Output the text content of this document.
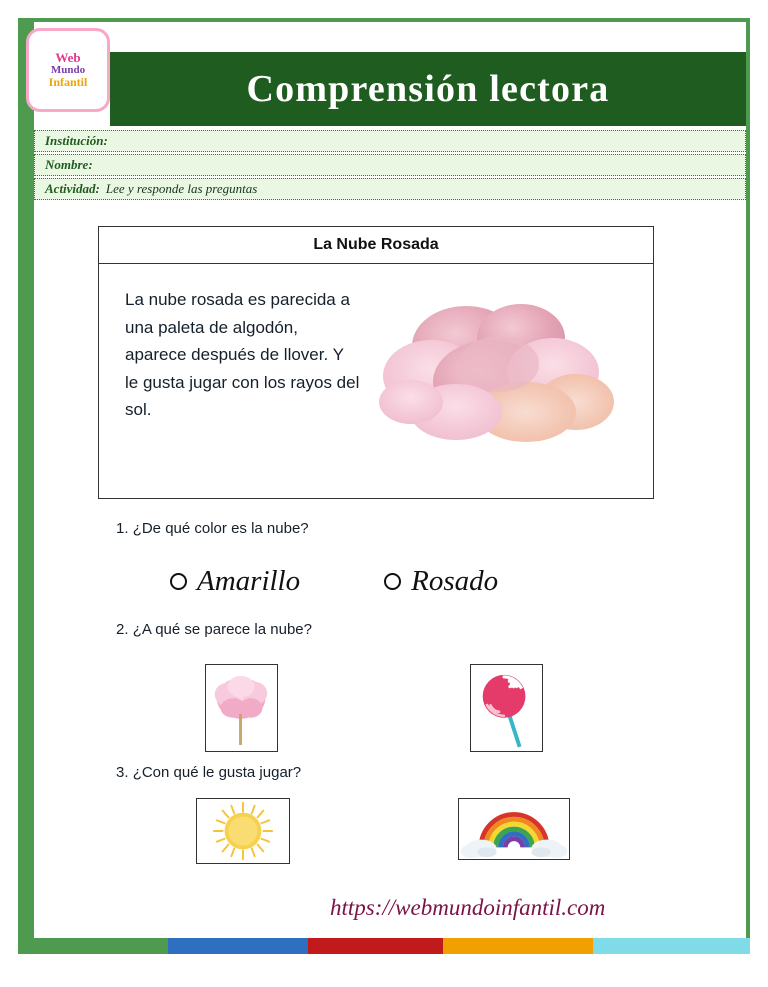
Web
Mundo
Infantil	Comprensión lectora
Institución:
Nombre:
Actividad: Lee y responde las preguntas
La Nube Rosada
La nube rosada es parecida a una paleta de algodón, aparece después de llover. Y le gusta jugar con los rayos del sol.
1. ¿De qué color es la nube?
Amarillo	Rosado
2. ¿A qué se parece la nube?
3. ¿Con qué le gusta jugar?
https://webmundoinfantil.com
